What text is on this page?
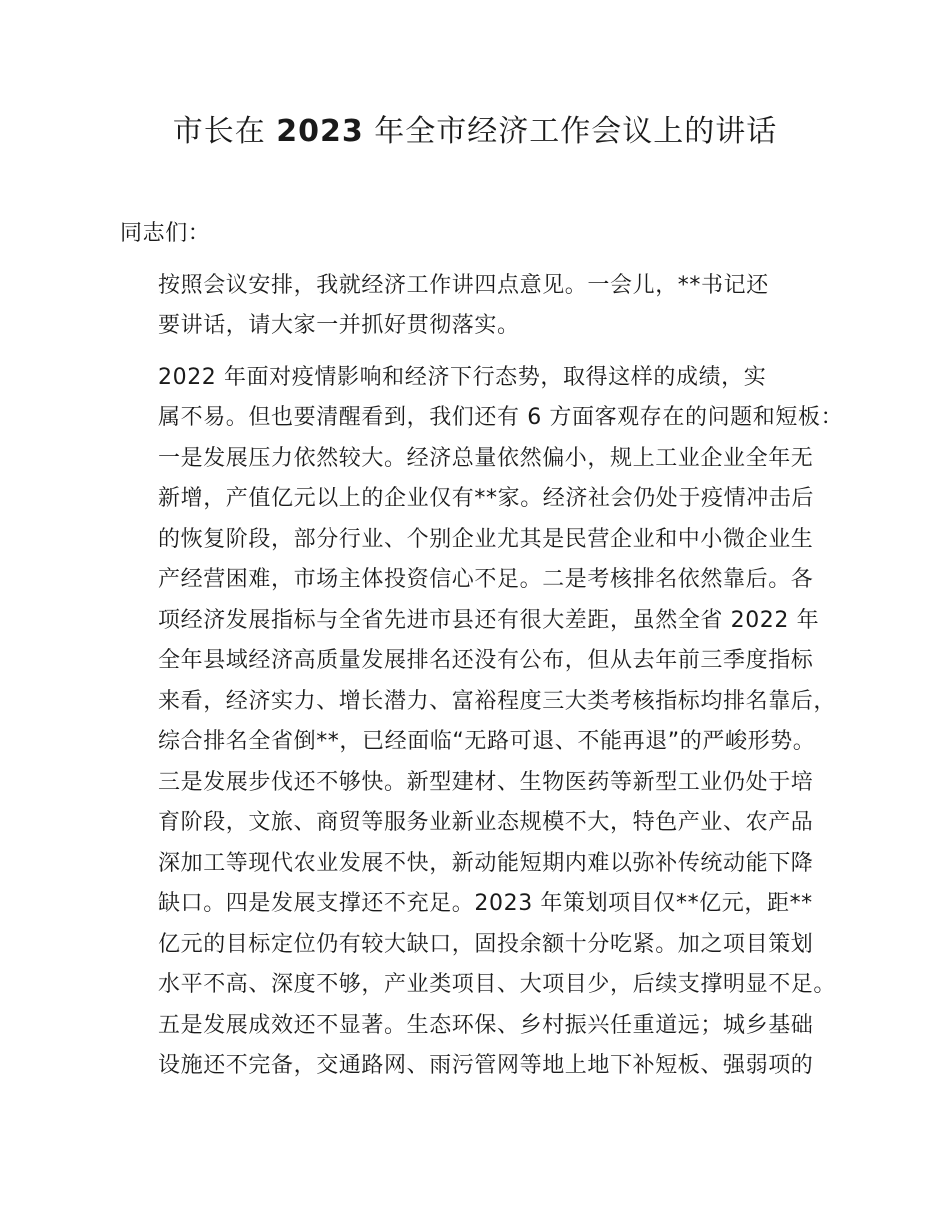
市长在 2023 年全市经济工作会议上的讲话

同志们：

按照会议安排，我就经济工作讲四点意见。一会儿，**书记还
要讲话，请大家一并抓好贯彻落实。

2022 年面对疫情影响和经济下行态势，取得这样的成绩，实
属不易。但也要清醒看到，我们还有 6 方面客观存在的问题和短板：
一是发展压力依然较大。经济总量依然偏小，规上工业企业全年无
新增，产值亿元以上的企业仅有**家。经济社会仍处于疫情冲击后
的恢复阶段，部分行业、个别企业尤其是民营企业和中小微企业生
产经营困难，市场主体投资信心不足。二是考核排名依然靠后。各
项经济发展指标与全省先进市县还有很大差距，虽然全省 2022 年
全年县域经济高质量发展排名还没有公布，但从去年前三季度指标
来看，经济实力、增长潜力、富裕程度三大类考核指标均排名靠后，
综合排名全省倒**，已经面临“无路可退、不能再退”的严峻形势。
三是发展步伐还不够快。新型建材、生物医药等新型工业仍处于培
育阶段，文旅、商贸等服务业新业态规模不大，特色产业、农产品
深加工等现代农业发展不快，新动能短期内难以弥补传统动能下降
缺口。四是发展支撑还不充足。2023 年策划项目仅**亿元，距**
亿元的目标定位仍有较大缺口，固投余额十分吃紧。加之项目策划
水平不高、深度不够，产业类项目、大项目少，后续支撑明显不足。
五是发展成效还不显著。生态环保、乡村振兴任重道远；城乡基础
设施还不完备，交通路网、雨污管网等地上地下补短板、强弱项的
